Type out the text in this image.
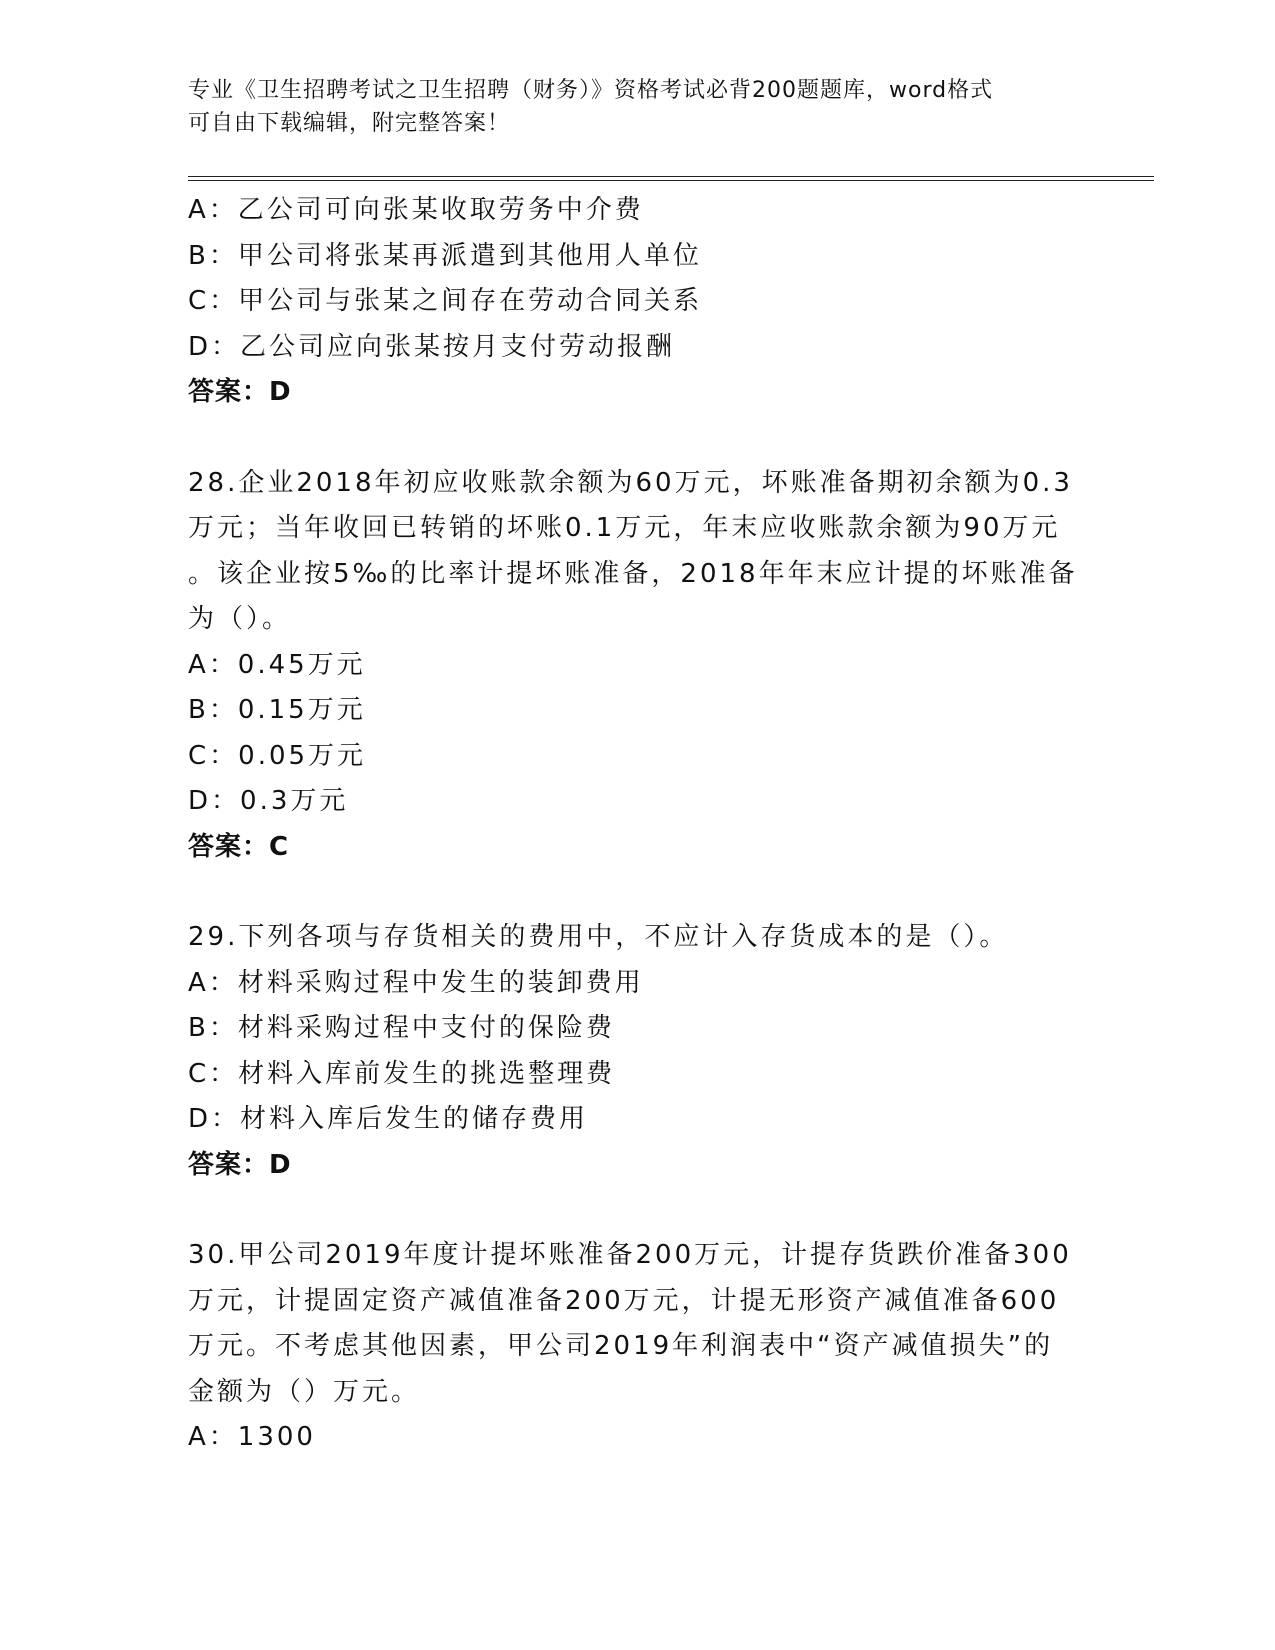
专业《卫生招聘考试之卫生招聘（财务）》资格考试必背200题题库，word格式
可自由下载编辑，附完整答案！
A：乙公司可向张某收取劳务中介费
B：甲公司将张某再派遣到其他用人单位
C：甲公司与张某之间存在劳动合同关系
D：乙公司应向张某按月支付劳动报酬
答案：D
28.企业2018年初应收账款余额为60万元，坏账准备期初余额为0.3
万元；当年收回已转销的坏账0.1万元，年末应收账款余额为90万元
。该企业按5‰的比率计提坏账准备，2018年年末应计提的坏账准备
为（）。
A：0.45万元
B：0.15万元
C：0.05万元
D：0.3万元
答案：C
29.下列各项与存货相关的费用中，不应计入存货成本的是（）。
A：材料采购过程中发生的装卸费用
B：材料采购过程中支付的保险费
C：材料入库前发生的挑选整理费
D：材料入库后发生的储存费用
答案：D
30.甲公司2019年度计提坏账准备200万元，计提存货跌价准备300
万元，计提固定资产减值准备200万元，计提无形资产减值准备600
万元。不考虑其他因素，甲公司2019年利润表中“资产减值损失”的
金额为（）万元。
A：1300
